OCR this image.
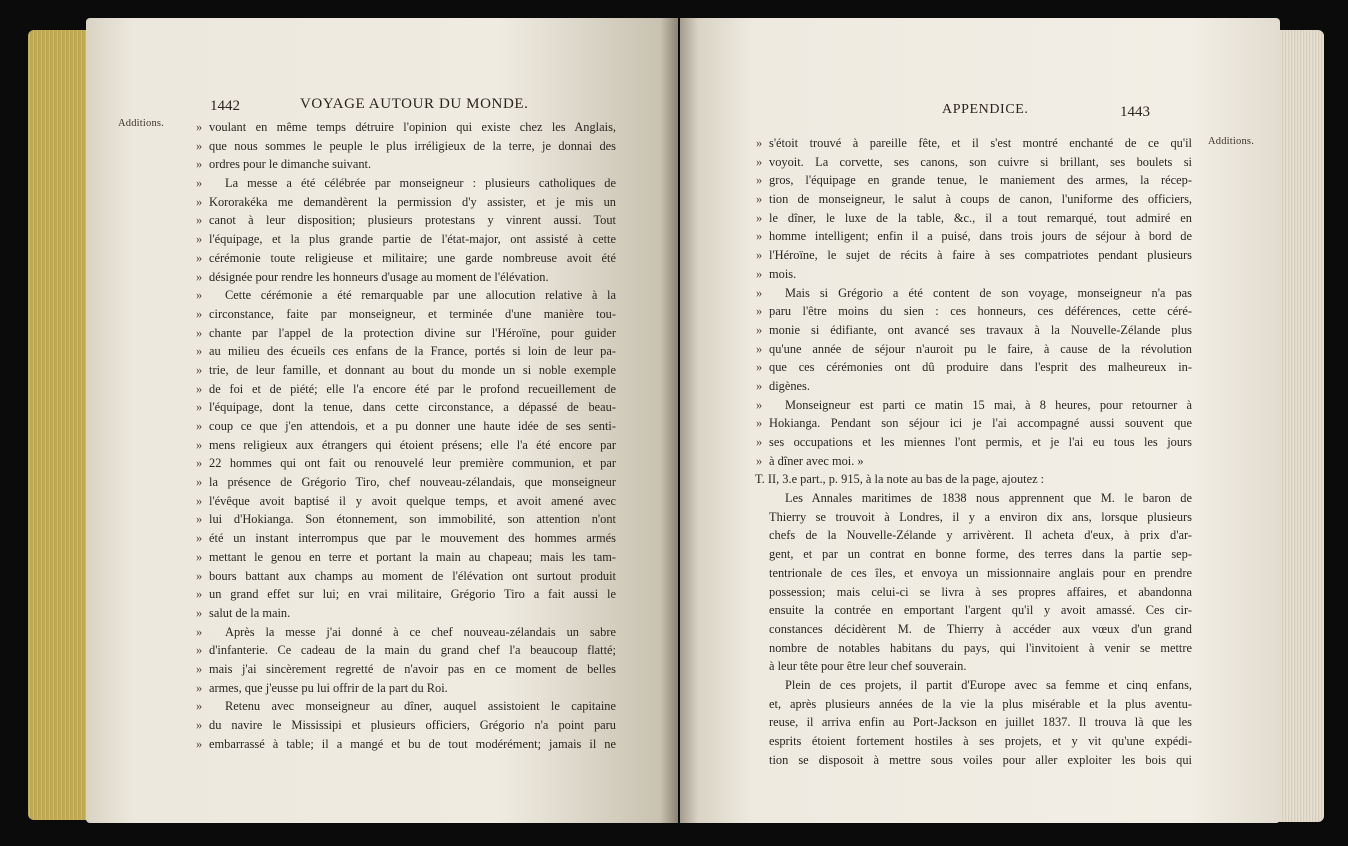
Additions.
1442	VOYAGE AUTOUR DU MONDE.
» voulant en même temps détruire l'opinion qui existe chez les Anglais,
» que nous sommes le peuple le plus irréligieux de la terre, je donnai des
» ordres pour le dimanche suivant.
» La messe a été célébrée par monseigneur : plusieurs catholiques de
» Kororakéka me demandèrent la permission d'y assister, et je mis un
» canot à leur disposition; plusieurs protestans y vinrent aussi. Tout
» l'équipage, et la plus grande partie de l'état-major, ont assisté à cette
» cérémonie toute religieuse et militaire; une garde nombreuse avoit été
» désignée pour rendre les honneurs d'usage au moment de l'élévation.
» Cette cérémonie a été remarquable par une allocution relative à la
» circonstance, faite par monseigneur, et terminée d'une manière tou-
» chante par l'appel de la protection divine sur l'Héroïne, pour guider
» au milieu des écueils ces enfans de la France, portés si loin de leur pa-
» trie, de leur famille, et donnant au bout du monde un si noble exemple
» de foi et de piété; elle l'a encore été par le profond recueillement de
» l'équipage, dont la tenue, dans cette circonstance, a dépassé de beau-
» coup ce que j'en attendois, et a pu donner une haute idée de ses senti-
» mens religieux aux étrangers qui étoient présens; elle l'a été encore par
» 22 hommes qui ont fait ou renouvelé leur première communion, et par
» la présence de Grégorio Tiro, chef nouveau-zélandais, que monseigneur
» l'évêque avoit baptisé il y avoit quelque temps, et avoit amené avec
» lui d'Hokianga. Son étonnement, son immobilité, son attention n'ont
» été un instant interrompus que par le mouvement des hommes armés
» mettant le genou en terre et portant la main au chapeau; mais les tam-
» bours battant aux champs au moment de l'élévation ont surtout produit
» un grand effet sur lui; en vrai militaire, Grégorio Tiro a fait aussi le
» salut de la main.
» Après la messe j'ai donné à ce chef nouveau-zélandais un sabre
» d'infanterie. Ce cadeau de la main du grand chef l'a beaucoup flatté;
» mais j'ai sincèrement regretté de n'avoir pas en ce moment de belles
» armes, que j'eusse pu lui offrir de la part du Roi.
» Retenu avec monseigneur au dîner, auquel assistoient le capitaine
» du navire le Mississipi et plusieurs officiers, Grégorio n'a point paru
» embarrassé à table; il a mangé et bu de tout modérément; jamais il ne
APPENDICE.	1443
Additions.
» s'étoit trouvé à pareille fête, et il s'est montré enchanté de ce qu'il
» voyoit. La corvette, ses canons, son cuivre si brillant, ses boulets si
» gros, l'équipage en grande tenue, le maniement des armes, la récep-
» tion de monseigneur, le salut à coups de canon, l'uniforme des officiers,
» le dîner, le luxe de la table, &c., il a tout remarqué, tout admiré en
» homme intelligent; enfin il a puisé, dans trois jours de séjour à bord de
» l'Héroïne, le sujet de récits à faire à ses compatriotes pendant plusieurs
» mois.
» Mais si Grégorio a été content de son voyage, monseigneur n'a pas
» paru l'être moins du sien : ces honneurs, ces déférences, cette céré-
» monie si édifiante, ont avancé ses travaux à la Nouvelle-Zélande plus
» qu'une année de séjour n'auroit pu le faire, à cause de la révolution
» que ces cérémonies ont dû produire dans l'esprit des malheureux in-
» digènes.
» Monseigneur est parti ce matin 15 mai, à 8 heures, pour retourner à
» Hokianga. Pendant son séjour ici je l'ai accompagné aussi souvent que
» ses occupations et les miennes l'ont permis, et je l'ai eu tous les jours
» à dîner avec moi. »
T. II, 3.e part., p. 915, à la note au bas de la page, ajoutez :
Les Annales maritimes de 1838 nous apprennent que M. le baron de
Thierry se trouvoit à Londres, il y a environ dix ans, lorsque plusieurs
chefs de la Nouvelle-Zélande y arrivèrent. Il acheta d'eux, à prix d'ar-
gent, et par un contrat en bonne forme, des terres dans la partie sep-
tentrionale de ces îles, et envoya un missionnaire anglais pour en prendre
possession; mais celui-ci se livra à ses propres affaires, et abandonna
ensuite la contrée en emportant l'argent qu'il y avoit amassé. Ces cir-
constances décidèrent M. de Thierry à accéder aux vœux d'un grand
nombre de notables habitans du pays, qui l'invitoient à venir se mettre
à leur tête pour être leur chef souverain.
Plein de ces projets, il partit d'Europe avec sa femme et cinq enfans,
et, après plusieurs années de la vie la plus misérable et la plus aventu-
reuse, il arriva enfin au Port-Jackson en juillet 1837. Il trouva là que les
esprits étoient fortement hostiles à ses projets, et y vit qu'une expédi-
tion se disposoit à mettre sous voiles pour aller exploiter les bois qui
